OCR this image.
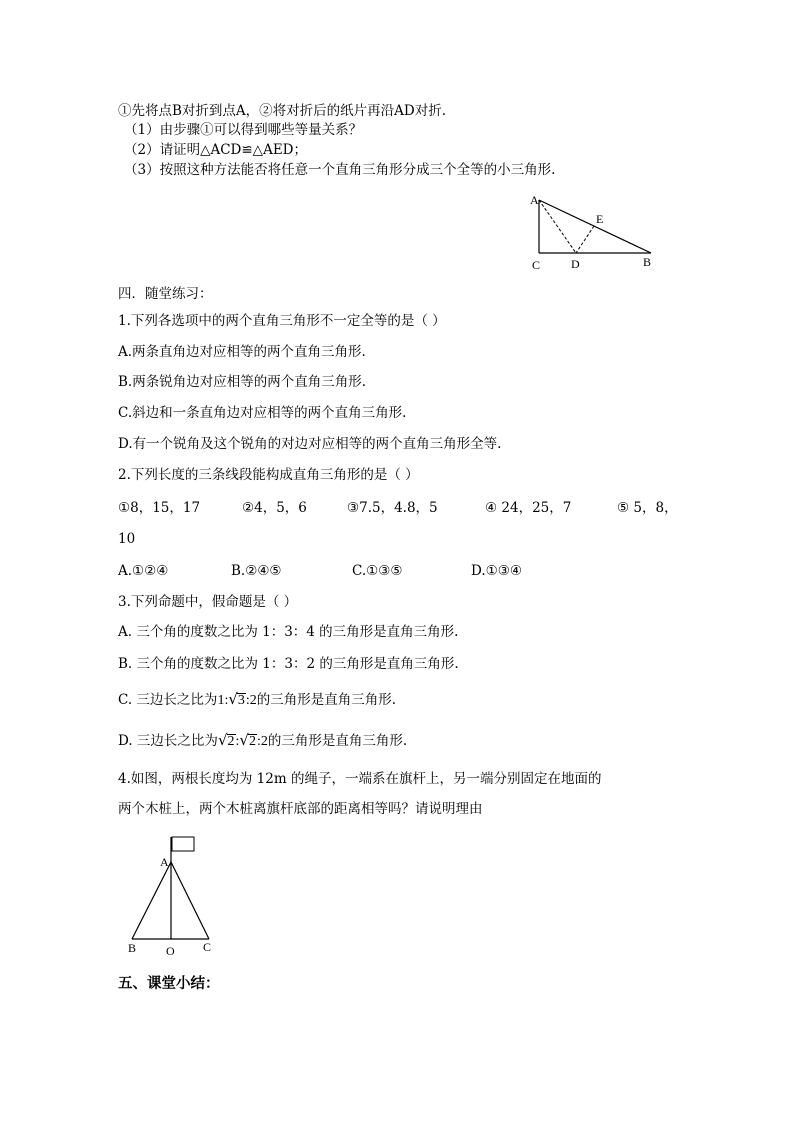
①先将点B对折到点A，②将对折后的纸片再沿AD对折.
（1）由步骤①可以得到哪些等量关系？
（2）请证明△ACD≌△AED；
（3）按照这种方法能否将任意一个直角三角形分成三个全等的小三角形.
A
E
C	D	B
四．随堂练习：
1.下列各选项中的两个直角三角形不一定全等的是（ ）
A.两条直角边对应相等的两个直角三角形.
B.两条锐角边对应相等的两个直角三角形.
C.斜边和一条直角边对应相等的两个直角三角形.
D.有一个锐角及这个锐角的对边对应相等的两个直角三角形全等.
2.下列长度的三条线段能构成直角三角形的是（ ）
①8，15，17	②4，5，6	③7.5，4.8，5	④ 24，25，7	⑤ 5，8，
10
A.①②④	B.②④⑤	C.①③⑤	D.①③④
3.下列命题中，假命题是（ ）
A. 三个角的度数之比为 1：3：4 的三角形是直角三角形.
B. 三个角的度数之比为 1：3：2 的三角形是直角三角形.
C. 三边长之比为1:√3:2的三角形是直角三角形.
D. 三边长之比为√2:√2:2的三角形是直角三角形.
4.如图，两根长度均为 12m 的绳子，一端系在旗杆上，另一端分别固定在地面的
两个木桩上，两个木桩离旗杆底部的距离相等吗？请说明理由
A
B O C
五、课堂小结：
